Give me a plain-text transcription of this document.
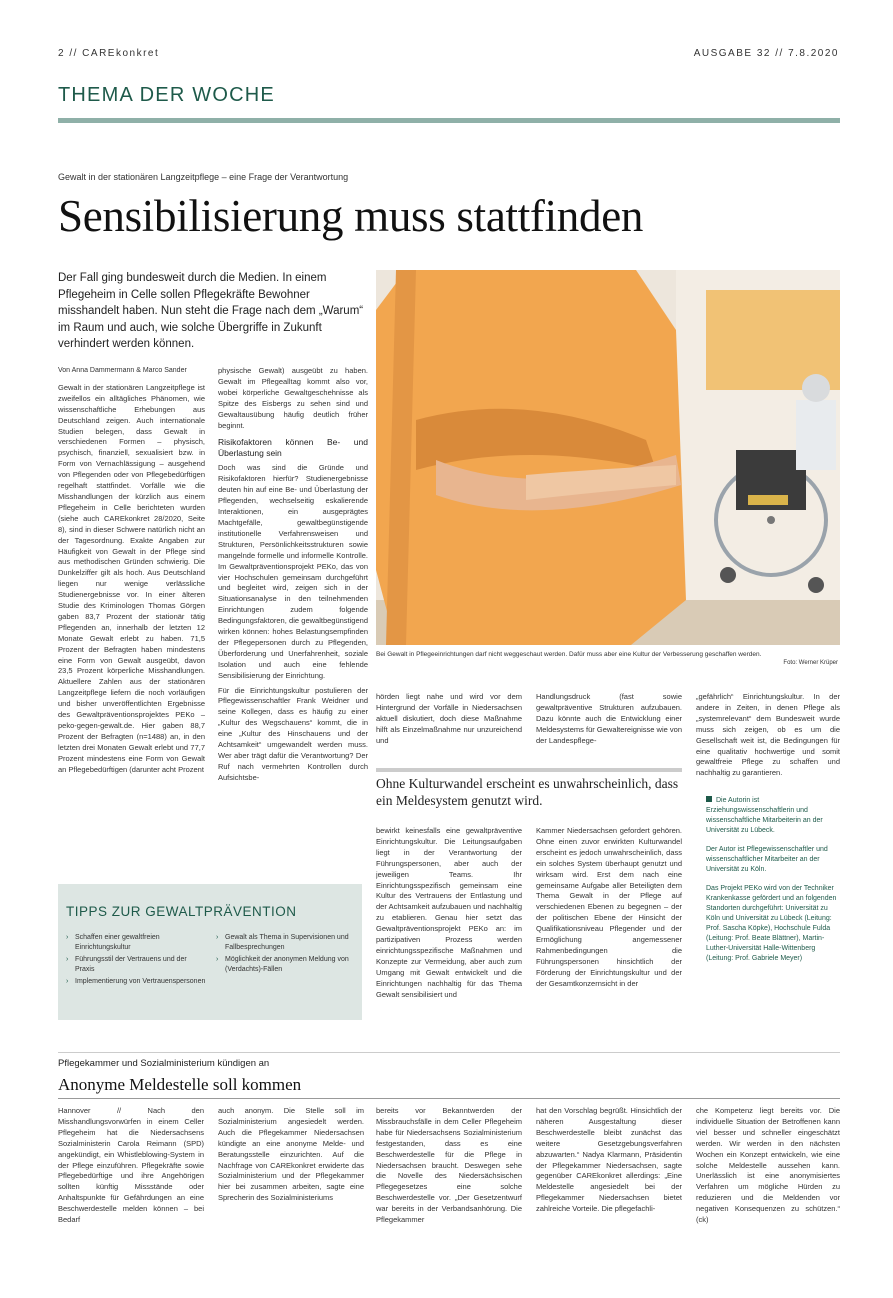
2 // CAREkonkret	AUSGABE 32 // 7.8.2020
THEMA DER WOCHE
Gewalt in der stationären Langzeitpflege – eine Frage der Verantwortung
Sensibilisierung muss stattfinden
Der Fall ging bundesweit durch die Medien. In einem Pflegeheim in Celle sollen Pflegekräfte Bewohner misshandelt haben. Nun steht die Frage nach dem „Warum“ im Raum und auch, wie solche Übergriffe in Zukunft verhindert werden können.
Von Anna Dammermann & Marco Sander
Gewalt in der stationären Langzeitpflege ist zweifellos ein alltägliches Phänomen, wie wissenschaftliche Erhebungen aus Deutschland zeigen. Auch internationale Studien belegen, dass Gewalt in verschiedenen Formen – physisch, psychisch, finanziell, sexualisiert bzw. in Form von Vernachlässigung – ausgehend von Pflegenden oder von Pflegebedürftigen regelhaft stattfindet. Vorfälle wie die Misshandlungen der kürzlich aus einem Pflegeheim in Celle berichteten wurden (siehe auch CAREkonkret 28/2020, Seite 8), sind in dieser Schwere natürlich nicht an der Tagesordnung. Exakte Angaben zur Häufigkeit von Gewalt in der Pflege sind aus methodischen Gründen schwierig. Die Dunkelziffer gilt als hoch. Aus Deutschland liegen nur wenige verlässliche Studienergebnisse vor. In einer älteren Studie des Kriminologen Thomas Görgen gaben 83,7 Prozent der stationär tätig Pflegenden an, innerhalb der letzten 12 Monate Gewalt erlebt zu haben. 71,5 Prozent der Befragten haben mindestens eine Form von Gewalt ausgeübt, davon 23,5 Prozent körperliche Misshandlungen. Aktuellere Zahlen aus der stationären Langzeitpflege liefern die noch vorläufigen und bisher unveröffentlichten Ergebnisse des Gewaltpräventionsprojektes PEKo – peko-gegen-gewalt.de. Hier gaben 88,7 Prozent der Befragten (n=1488) an, in den letzten drei Monaten Gewalt erlebt und 77,7 Prozent mindestens eine Form von Gewalt an Pflegebedürftigen (darunter acht Prozent
physische Gewalt) ausgeübt zu haben. Gewalt im Pflegealltag kommt also vor, wobei körperliche Gewaltgeschehnisse als Spitze des Eisbergs zu sehen sind und Gewaltausübung häufig deutlich früher beginnt.
Risikofaktoren können Be- und Überlastung sein
Doch was sind die Gründe und Risikofaktoren hierfür? Studienergebnisse deuten hin auf eine Be- und Überlastung der Pflegenden, wechselseitig eskalierende Interaktionen, ein ausgeprägtes Machtgefälle, gewaltbegünstigende institutionelle Verfahrensweisen und Strukturen, Persönlichkeitsstrukturen sowie mangelnde formelle und informelle Kontrolle. Im Gewaltpräventionsprojekt PEKo, das von vier Hochschulen gemeinsam durchgeführt und begleitet wird, zeigen sich in der Situationsanalyse in den teilnehmenden Einrichtungen zudem folgende Bedingungsfaktoren, die gewaltbegünstigend wirken können: hohes Belastungsempfinden der Pflegepersonen durch zu Pflegenden, Überforderung und Unerfahrenheit, soziale Isolation und auch eine fehlende Sensibilisierung der Einrichtung.
Für die Einrichtungskultur postulieren der Pflegewissenschaftler Frank Weidner und seine Kollegen, dass es häufig zu einer „Kultur des Wegschauens“ kommt, die in eine „Kultur des Hinschauens und der Achtsamkeit“ umgewandelt werden muss. Wer aber trägt dafür die Verantwortung? Der Ruf nach vermehrten Kontrollen durch Aufsichtsbe-
Bei Gewalt in Pflegeeinrichtungen darf nicht weggeschaut werden. Dafür muss aber eine Kultur der Verbesserung geschaffen werden.
Foto: Werner Krüper
hörden liegt nahe und wird vor dem Hintergrund der Vorfälle in Niedersachsen aktuell diskutiert, doch diese Maßnahme hilft als Einzelmaßnahme nur unzureichend und
Handlungsdruck (fast sowie gewaltpräventive Strukturen aufzubauen. Dazu könnte auch die Entwicklung einer Meldesystems für Gewaltereignisse wie von der Landespflege-
„gefährlich“ Einrichtungskultur. In der andere in Zeiten, in denen Pflege als „systemrelevant“ dem Bundesweit wurde muss sich zeigen, ob es um die Gesellschaft weit ist, die Bedingungen für eine qualitativ hochwertige und somit gewaltfreie Pflege zu schaffen und nachhaltig zu garantieren.
Ohne Kulturwandel erscheint es unwahrscheinlich, dass ein Meldesystem genutzt wird.
bewirkt keinesfalls eine gewaltpräventive Einrichtungskultur. Die Leitungsaufgaben liegt in der Verantwortung der Führungspersonen, aber auch der jeweiligen Teams. Ihr Einrichtungsspezifisch gemeinsam eine Kultur des Vertrauens der Entlastung und der Achtsamkeit aufzubauen und nachhaltig zu etablieren. Genau hier setzt das Gewaltpräventionsprojekt PEKo an: im partizipativen Prozess werden einrichtungsspezifische Maßnahmen und Konzepte zur Vermeidung, aber auch zum Umgang mit Gewalt entwickelt und die Einrichtungen nachhaltig für das Thema Gewalt sensibilisiert und
Kammer Niedersachsen gefordert gehören. Ohne einen zuvor erwirkten Kulturwandel erscheint es jedoch unwahrscheinlich, dass ein solches System überhaupt genutzt und wirksam wird. Erst dem nach eine gemeinsame Aufgabe aller Beteiligten dem Thema Gewalt in der Pflege auf verschiedenen Ebenen zu begegnen – der der politischen Ebene der Hinsicht der Qualifikationsniveau Pflegender und der Ermöglichung angemessener Rahmenbedingungen die Führungspersonen hinsichtlich der Förderung der Einrichtungskultur und der der Gesamtkonzernsicht in der

Die Autorin ist Erziehungswissenschaftlerin und wissenschaftliche Mitarbeiterin an der Universität zu Lübeck.

Der Autor ist Pflegewissenschaftler und wissenschaftlicher Mitarbeiter an der Universität zu Köln.

Das Projekt PEKo wird von der Techniker Krankenkasse gefördert und an folgenden Standorten durchgeführt: Universität zu Köln und Universität zu Lübeck (Leitung: Prof. Sascha Köpke), Hochschule Fulda (Leitung: Prof. Beate Blättner), Martin-Luther-Universität Halle-Wittenberg (Leitung: Prof. Gabriele Meyer)

TIPPS ZUR GEWALTPRÄVENTION
› Schaffen einer gewaltfreien Einrichtungskultur
› Führungsstil der Vertrauens und der Praxis
› Implementierung von Vertrauenspersonen
› Gewalt als Thema in Supervisionen und Fallbesprechungen
› Möglichkeit der anonymen Meldung von (Verdachts)-Fällen
Pflegekammer und Sozialministerium kündigen an
Anonyme Meldestelle soll kommen
Hannover // Nach den Misshandlungsvorwürfen in einem Celler Pflegeheim hat die Niedersachsens Sozialministerin Carola Reimann (SPD) angekündigt, ein Whistleblowing-System in der Pflege einzuführen. Pflegekräfte sowie Pflegebedürftige und ihre Angehörigen sollten künftig Missstände oder Anhaltspunkte für Gefährdungen an eine Beschwerdestelle melden können – bei Bedarf
auch anonym. Die Stelle soll im Sozialministerium angesiedelt werden. Auch die Pflegekammer Niedersachsen kündigte an eine anonyme Melde- und Beratungsstelle einzurichten. Auf die Nachfrage von CAREkonkret erwiderte das Sozialministerium und der Pflegekammer hier bei zusammen arbeiten, sagte eine Sprecherin des Sozialministeriums
bereits vor Bekanntwerden der Missbrauchsfälle in dem Celler Pflegeheim habe für Niedersachsens Sozialministerium festgestanden, dass es eine Beschwerdestelle für die Pflege in Niedersachsen braucht. Deswegen sehe die Novelle des Niedersächsischen Pflegegesetzes eine solche Beschwerdestelle vor. „Der Gesetzentwurf war bereits in der Verbandsanhörung. Die Pflegekammer
hat den Vorschlag begrüßt. Hinsichtlich der näheren Ausgestaltung dieser Beschwerdestelle bleibt zunächst das weitere Gesetzgebungsverfahren abzuwarten.“ Nadya Klarmann, Präsidentin der Pflegekammer Niedersachsen, sagte gegenüber CAREkonkret allerdings: „Eine Meldestelle angesiedelt bei der Pflegekammer Niedersachsen bietet zahlreiche Vorteile. Die pflegefachli-
che Kompetenz liegt bereits vor. Die individuelle Situation der Betroffenen kann viel besser und schneller eingeschätzt werden. Wir werden in den nächsten Wochen ein Konzept entwickeln, wie eine solche Meldestelle aussehen kann. Unerlässlich ist eine anonymisiertes Verfahren um mögliche Hürden zu reduzieren und die Meldenden vor negativen Konsequenzen zu schützen.“ (ck)
